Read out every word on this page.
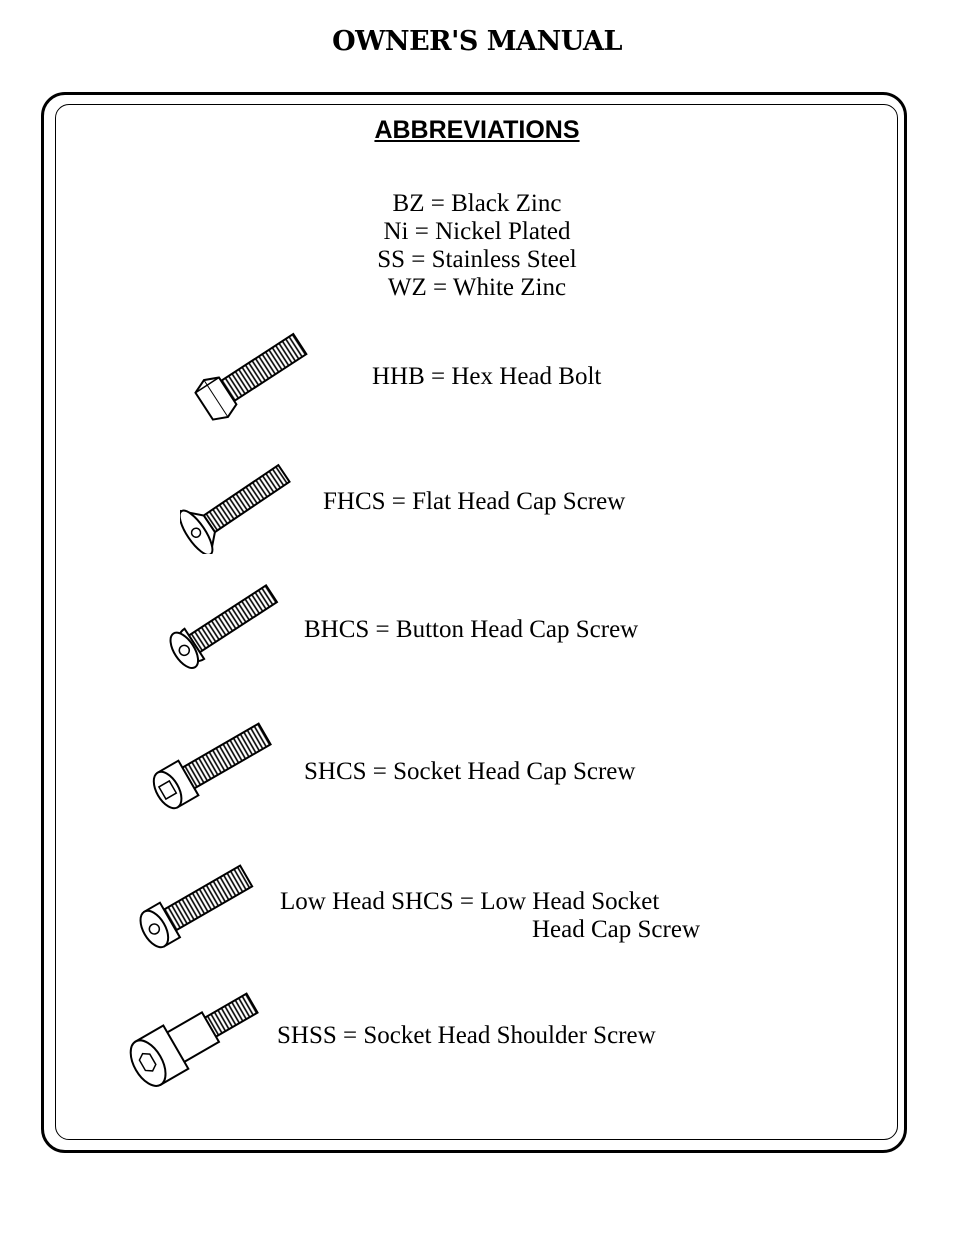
OWNER'S MANUAL
ABBREVIATIONS
BZ = Black Zinc
Ni = Nickel Plated
SS = Stainless Steel
WZ = White Zinc
HHB = Hex Head Bolt
FHCS = Flat Head Cap Screw
BHCS = Button Head Cap Screw
SHCS = Socket Head Cap Screw
Low Head SHCS = Low Head Socket
Head Cap Screw
SHSS = Socket Head Shoulder Screw
